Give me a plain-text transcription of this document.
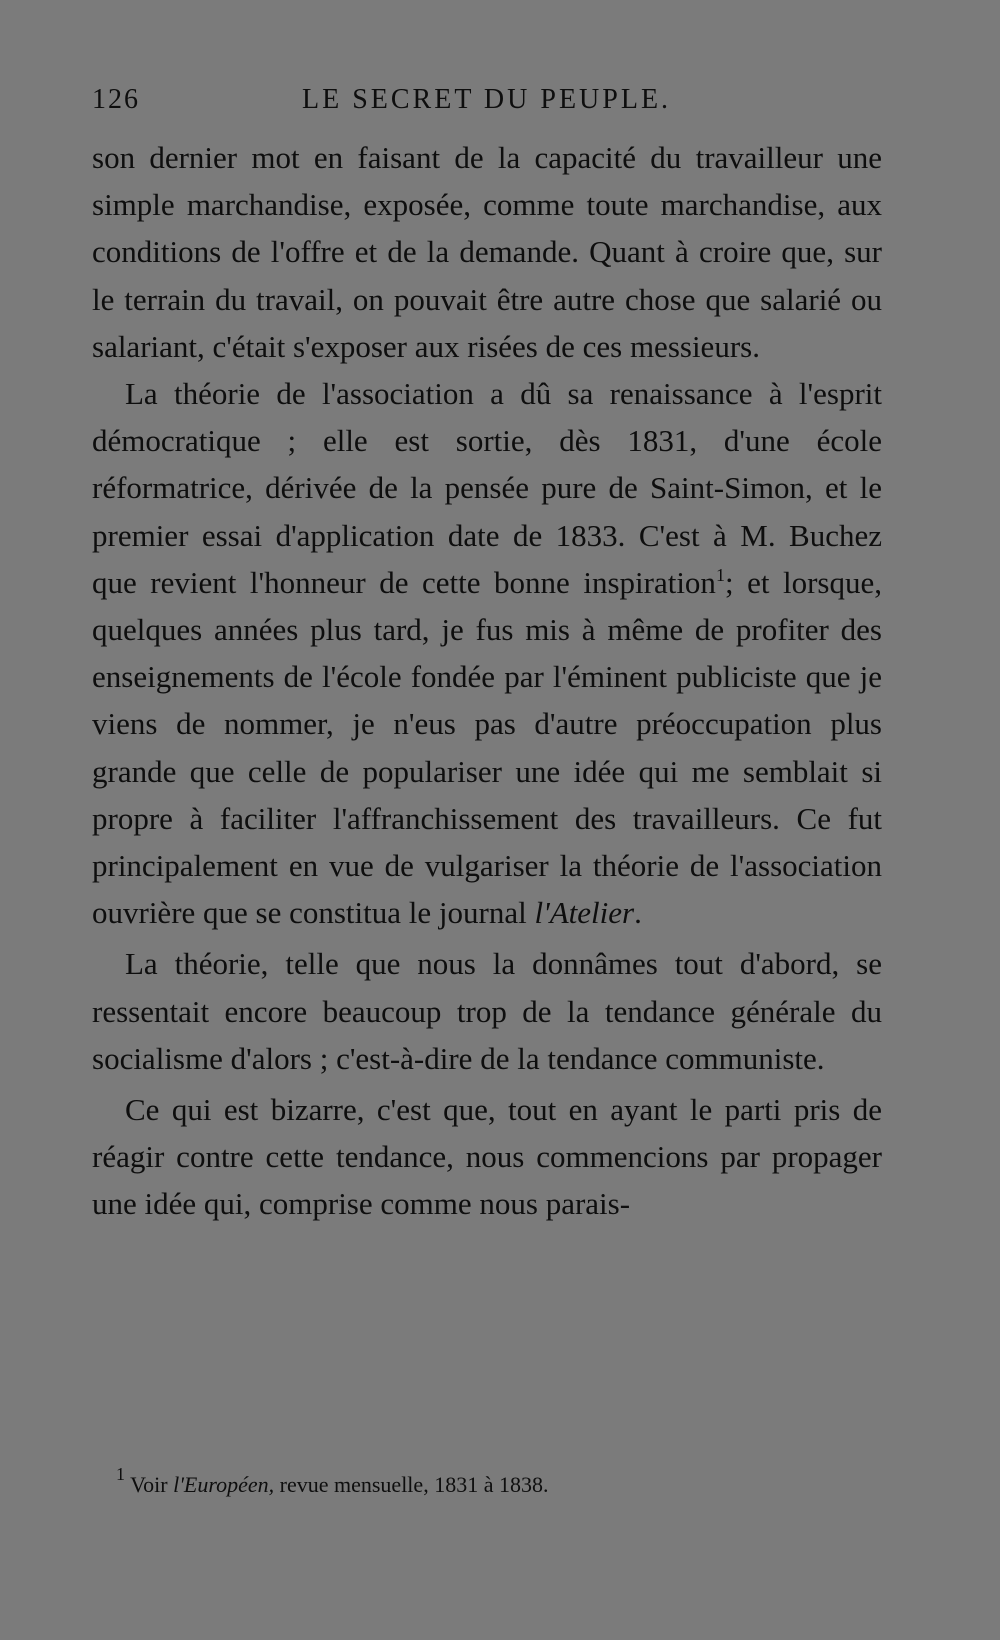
126	LE SECRET DU PEUPLE.

son dernier mot en faisant de la capacité du travailleur une simple marchandise, exposée, comme toute marchandise, aux conditions de l'offre et de la demande. Quant à croire que, sur le terrain du travail, on pouvait être autre chose que salarié ou salariant, c'était s'exposer aux risées de ces messieurs.

La théorie de l'association a dû sa renaissance à l'esprit démocratique ; elle est sortie, dès 1831, d'une école réformatrice, dérivée de la pensée pure de Saint-Simon, et le premier essai d'application date de 1833. C'est à M. Buchez que revient l'honneur de cette bonne inspiration$^1$; et lorsque, quelques années plus tard, je fus mis à même de profiter des enseignements de l'école fondée par l'éminent publiciste que je viens de nommer, je n'eus pas d'autre préoccupation plus grande que celle de populariser une idée qui me semblait si propre à faciliter l'affranchissement des travailleurs. Ce fut principalement en vue de vulgariser la théorie de l'association ouvrière que se constitua le journal l'Atelier.

La théorie, telle que nous la donnâmes tout d'abord, se ressentait encore beaucoup trop de la tendance générale du socialisme d'alors ; c'est-à-dire de la tendance communiste.

Ce qui est bizarre, c'est que, tout en ayant le parti pris de réagir contre cette tendance, nous commencions par propager une idée qui, comprise comme nous parais-

$^1$ Voir l'Européen, revue mensuelle, 1831 à 1838.
